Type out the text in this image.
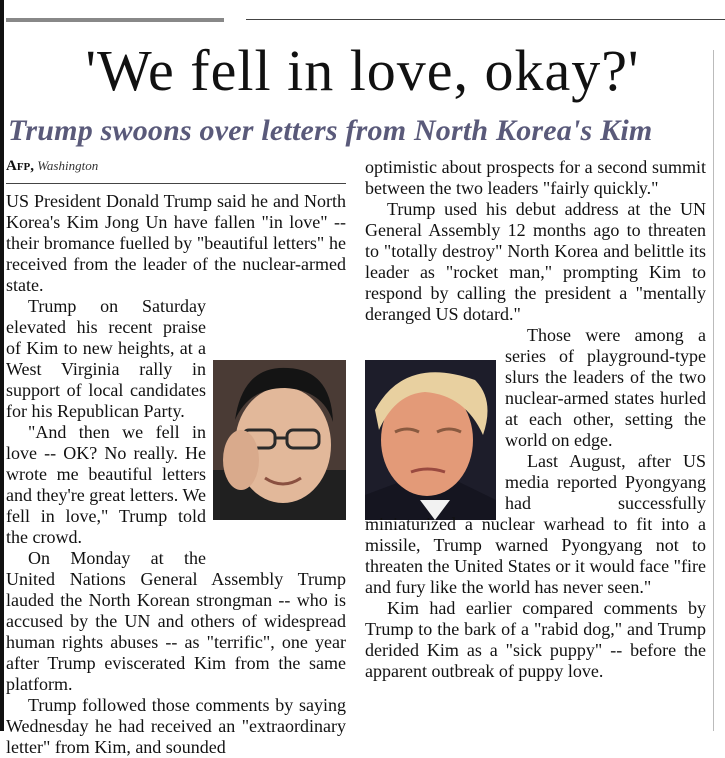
'We fell in love, okay?'
Trump swoons over letters from North Korea's Kim
Afp, Washington

US President Donald Trump said he and North Korea's Kim Jong Un have fallen "in love" -- their bromance fuelled by "beautiful letters" he received from the leader of the nuclear-armed state.

Trump on Saturday elevated his recent praise of Kim to new heights, at a West Virginia rally in support of local candidates for his Republican Party.

"And then we fell in love -- OK? No really. He wrote me beautiful letters and they're great letters. We fell in love," Trump told the crowd.

On Monday at the United Nations General Assembly Trump lauded the North Korean strongman -- who is accused by the UN and others of widespread human rights abuses -- as "terrific", one year after Trump eviscerated Kim from the same platform.

Trump followed those comments by saying Wednesday he had received an "extraordinary letter" from Kim, and sounded

optimistic about prospects for a second summit between the two leaders "fairly quickly."

Trump used his debut address at the UN General Assembly 12 months ago to threaten to "totally destroy" North Korea and belittle its leader as "rocket man," prompting Kim to respond by calling the president a "mentally deranged US dotard."

Those were among a series of playground-type slurs the leaders of the two nuclear-armed states hurled at each other, setting the world on edge.

Last August, after US media reported Pyongyang had successfully miniaturized a nuclear warhead to fit into a missile, Trump warned Pyongyang not to threaten the United States or it would face "fire and fury like the world has never seen."

Kim had earlier compared comments by Trump to the bark of a "rabid dog," and Trump derided Kim as a "sick puppy" -- before the apparent outbreak of puppy love.
